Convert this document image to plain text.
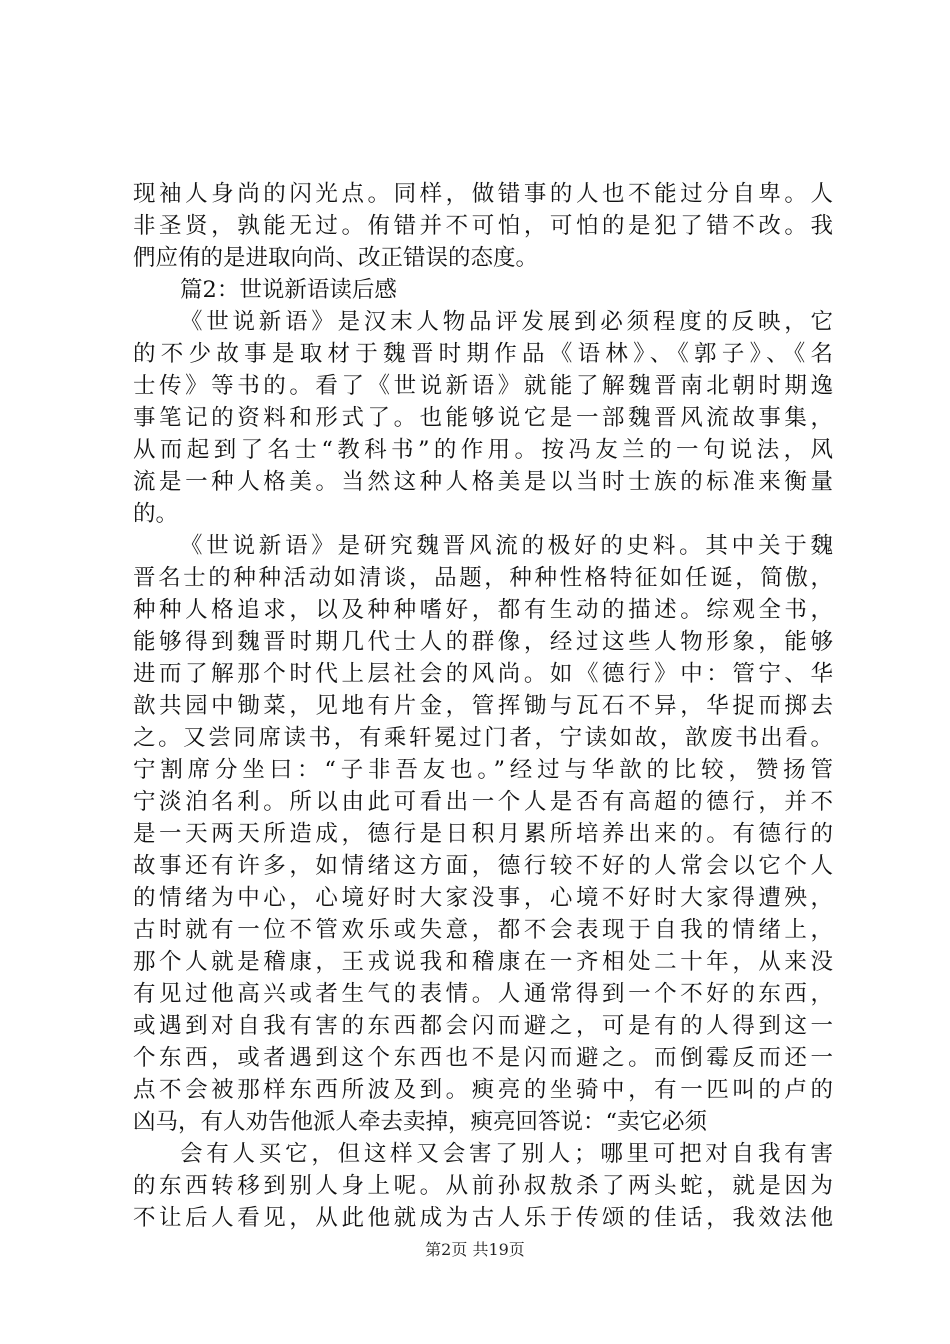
现袖人身尚的闪光点。同样，做错事的人也不能过分自卑。人
非圣贤，孰能无过。侑错并不可怕，可怕的是犯了错不改。我
們应侑的是进取向尚、改正错误的态度。
篇2：世说新语读后感
《世说新语》是汉末人物品评发展到必须程度的反映，它
的不少故事是取材于魏晋时期作品《语林》、《郭子》、《名
士传》等书的。看了《世说新语》就能了解魏晋南北朝时期逸
事笔记的资料和形式了。也能够说它是一部魏晋风流故事集，
从而起到了名士“教科书”的作用。按冯友兰的一句说法，风
流是一种人格美。当然这种人格美是以当时士族的标准来衡量
的。
《世说新语》是研究魏晋风流的极好的史料。其中关于魏
晋名士的种种活动如清谈，品题，种种性格特征如任诞，简傲，
种种人格追求，以及种种嗜好，都有生动的描述。综观全书，
能够得到魏晋时期几代士人的群像，经过这些人物形象，能够
进而了解那个时代上层社会的风尚。如《德行》中：管宁、华
歆共园中锄菜，见地有片金，管挥锄与瓦石不异，华捉而掷去
之。又尝同席读书，有乘轩冕过门者，宁读如故，歆废书出看。
宁割席分坐曰：“子非吾友也。”经过与华歆的比较，赞扬管
宁淡泊名利。所以由此可看出一个人是否有高超的德行，并不
是一天两天所造成，德行是日积月累所培养出来的。有德行的
故事还有许多，如情绪这方面，德行较不好的人常会以它个人
的情绪为中心，心境好时大家没事，心境不好时大家得遭殃，
古时就有一位不管欢乐或失意，都不会表现于自我的情绪上，
那个人就是稽康，王戎说我和稽康在一齐相处二十年，从来没
有见过他高兴或者生气的表情。人通常得到一个不好的东西，
或遇到对自我有害的东西都会闪而避之，可是有的人得到这一
个东西，或者遇到这个东西也不是闪而避之。而倒霉反而还一
点不会被那样东西所波及到。瘐亮的坐骑中，有一匹叫的卢的
凶马，有人劝告他派人牵去卖掉，瘐亮回答说：“卖它必须
会有人买它，但这样又会害了别人；哪里可把对自我有害
的东西转移到别人身上呢。从前孙叔敖杀了两头蛇，就是因为
不让后人看见，从此他就成为古人乐于传颂的佳话，我效法他
第2页 共19页
